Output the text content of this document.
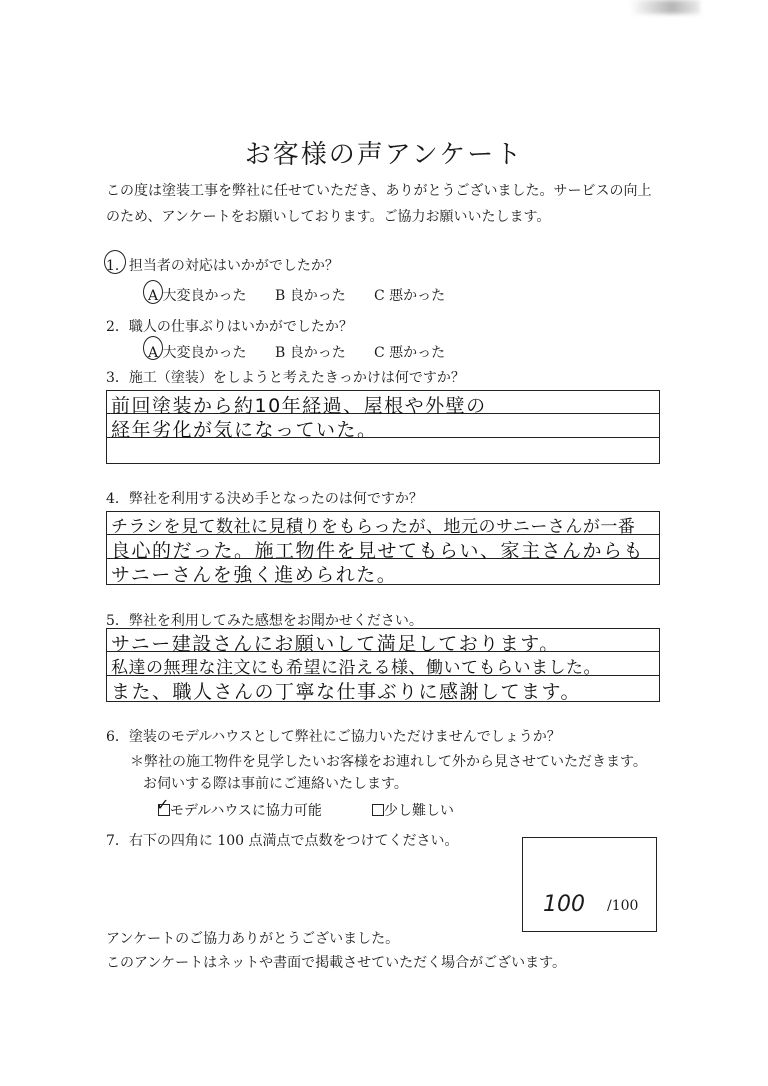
お客様の声アンケート
この度は塗装工事を弊社に任せていただき、ありがとうございました。サービスの向上
のため、アンケートをお願いしております。ご協力お願いいたします。
1．担当者の対応はいかがでしたか？
A 大変良かった B 良かった C 悪かった
2．職人の仕事ぶりはいかがでしたか？
A 大変良かった B 良かった C 悪かった
3．施工（塗装）をしようと考えたきっかけは何ですか？
前回塗装から約10年経過、屋根や外壁の
経年劣化が気になっていた。
4．弊社を利用する決め手となったのは何ですか？
チラシを見て数社に見積りをもらったが、地元のサニーさんが一番
良心的だった。施工物件を見せてもらい、家主さんからも
サニーさんを強く進められた。
5．弊社を利用してみた感想をお聞かせください。
サニー建設さんにお願いして満足しております。
私達の無理な注文にも希望に沿える様、働いてもらいました。
また、職人さんの丁寧な仕事ぶりに感謝してます。
6．塗装のモデルハウスとして弊社にご協力いただけませんでしょうか？
＊弊社の施工物件を見学したいお客様をお連れして外から見させていただきます。
お伺いする際は事前にご連絡いたします。
モデルハウスに協力可能
✓	少し難しい
7．右下の四角に 100 点満点で点数をつけてください。
100 /100
アンケートのご協力ありがとうございました。
このアンケートはネットや書面で掲載させていただく場合がございます。
